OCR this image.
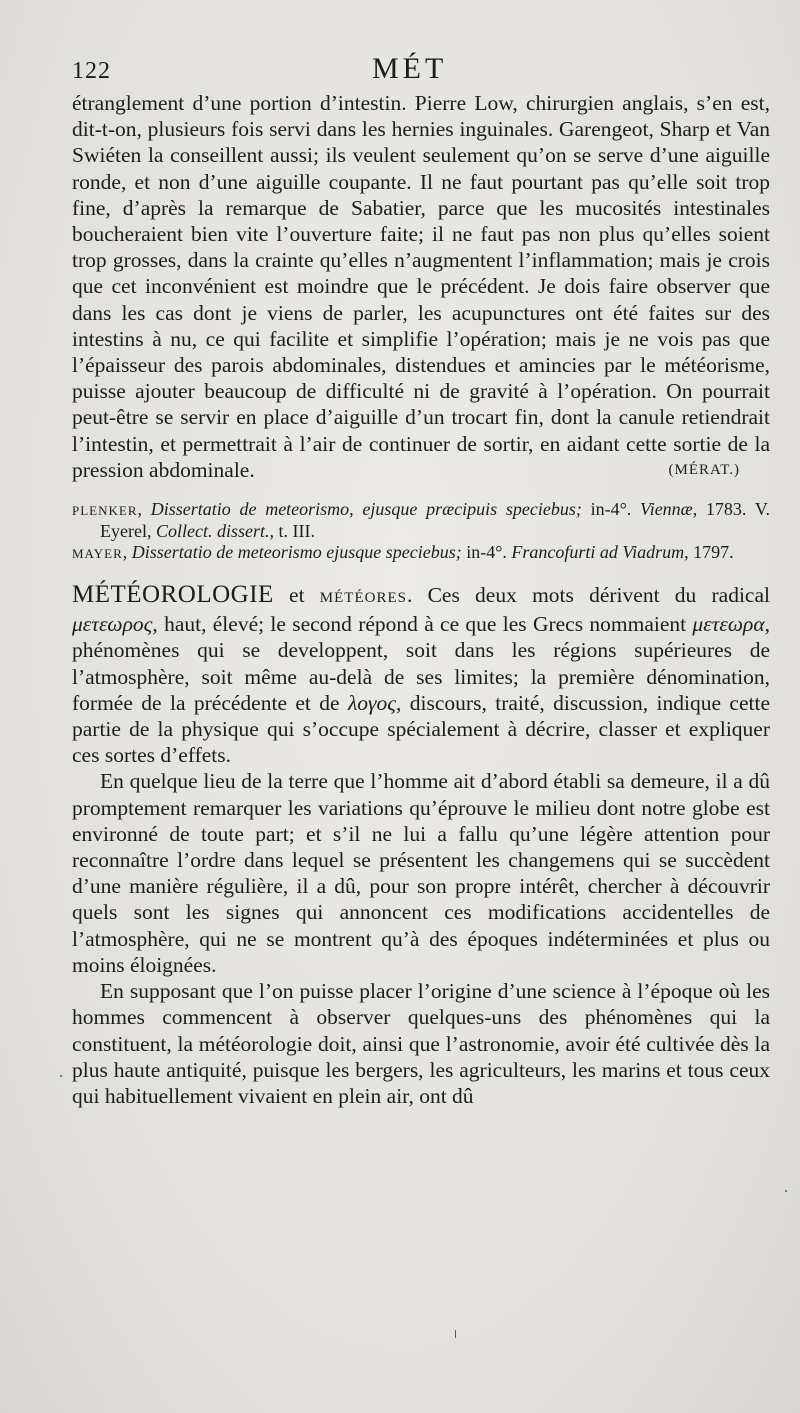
122	MÉT

étranglement d’une portion d’intestin. Pierre Low, chirurgien anglais, s’en est, dit-t-on, plusieurs fois servi dans les hernies inguinales. Garengeot, Sharp et Van Swiéten la conseillent aussi; ils veulent seulement qu’on se serve d’une aiguille ronde, et non d’une aiguille coupante. Il ne faut pourtant pas qu’elle soit trop fine, d’après la remarque de Sabatier, parce que les mucosités intestinales boucheraient bien vite l’ouverture faite; il ne faut pas non plus qu’elles soient trop grosses, dans la crainte qu’elles n’augmentent l’inflammation; mais je crois que cet inconvénient est moindre que le précédent. Je dois faire observer que dans les cas dont je viens de parler, les acupunctures ont été faites sur des intestins à nu, ce qui facilite et simplifie l’opération; mais je ne vois pas que l’épaisseur des parois abdominales, distendues et amincies par le météorisme, puisse ajouter beaucoup de difficulté ni de gravité à l’opération. On pourrait peut-être se servir en place d’aiguille d’un trocart fin, dont la canule retiendrait l’intestin, et permettrait à l’air de continuer de sortir, en aidant cette sortie de la pression abdominale.	(MÉRAT.)

PLENKER, Dissertatio de meteorismo, ejusque præcipuis speciebus; in-4°. Viennæ, 1783. V. Eyerel, Collect. dissert., t. III.

MAYER, Dissertatio de meteorismo ejusque speciebus; in-4°. Francofurti ad Viadrum, 1797.

MÉTÉOROLOGIE et MÉTÉORES. Ces deux mots dérivent du radical μετεωρος, haut, élevé; le second répond à ce que les Grecs nommaient μετεωρα, phénomènes qui se developpent, soit dans les régions supérieures de l’atmosphère, soit même au-delà de ses limites; la première dénomination, formée de la précédente et de λογος, discours, traité, discussion, indique cette partie de la physique qui s’occupe spécialement à décrire, classer et expliquer ces sortes d’effets.

En quelque lieu de la terre que l’homme ait d’abord établi sa demeure, il a dû promptement remarquer les variations qu’éprouve le milieu dont notre globe est environné de toute part; et s’il ne lui a fallu qu’une légère attention pour reconnaître l’ordre dans lequel se présentent les changemens qui se succèdent d’une manière régulière, il a dû, pour son propre intérêt, chercher à découvrir quels sont les signes qui annoncent ces modifications accidentelles de l’atmosphère, qui ne se montrent qu’à des époques indéterminées et plus ou moins éloignées.

En supposant que l’on puisse placer l’origine d’une science à l’époque où les hommes commencent à observer quelques-uns des phénomènes qui la constituent, la météorologie doit, ainsi que l’astronomie, avoir été cultivée dès la plus haute antiquité, puisque les bergers, les agriculteurs, les marins et tous ceux qui habituellement vivaient en plein air, ont dû
